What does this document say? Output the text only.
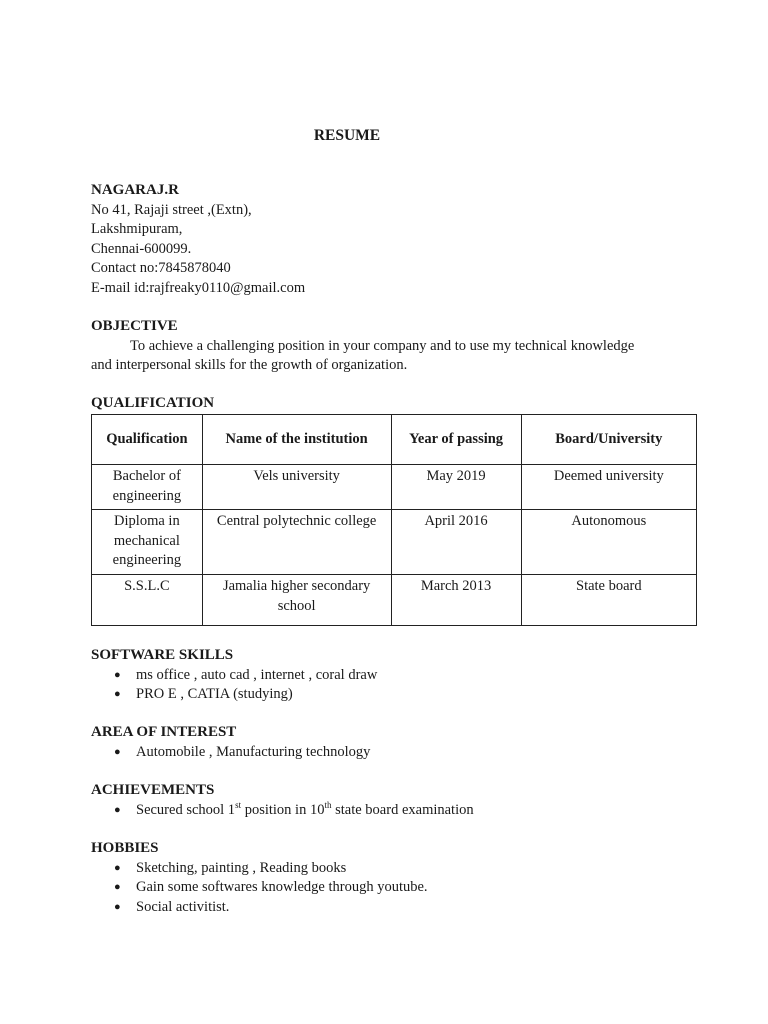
RESUME
NAGARAJ.R
No 41, Rajaji street ,(Extn),
Lakshmipuram,
Chennai-600099.
Contact no:7845878040
E-mail id:rajfreaky0110@gmail.com
OBJECTIVE
To achieve a challenging position in your company and to use my technical knowledge and interpersonal skills for the growth of organization.
QUALIFICATION
Qualification	Name of the institution	Year of passing	Board/University
Bachelor of engineering	Vels university	May 2019	Deemed university
Diploma in mechanical engineering	Central polytechnic college	April 2016	Autonomous
S.S.L.C	Jamalia higher secondary school	March 2013	State board
SOFTWARE SKILLS
● ms office , auto cad , internet , coral draw
● PRO E , CATIA (studying)
AREA OF INTEREST
● Automobile , Manufacturing technology
ACHIEVEMENTS
● Secured school 1st position in 10th state board examination
HOBBIES
● Sketching, painting , Reading books
● Gain some softwares knowledge through youtube.
● Social activitist.
